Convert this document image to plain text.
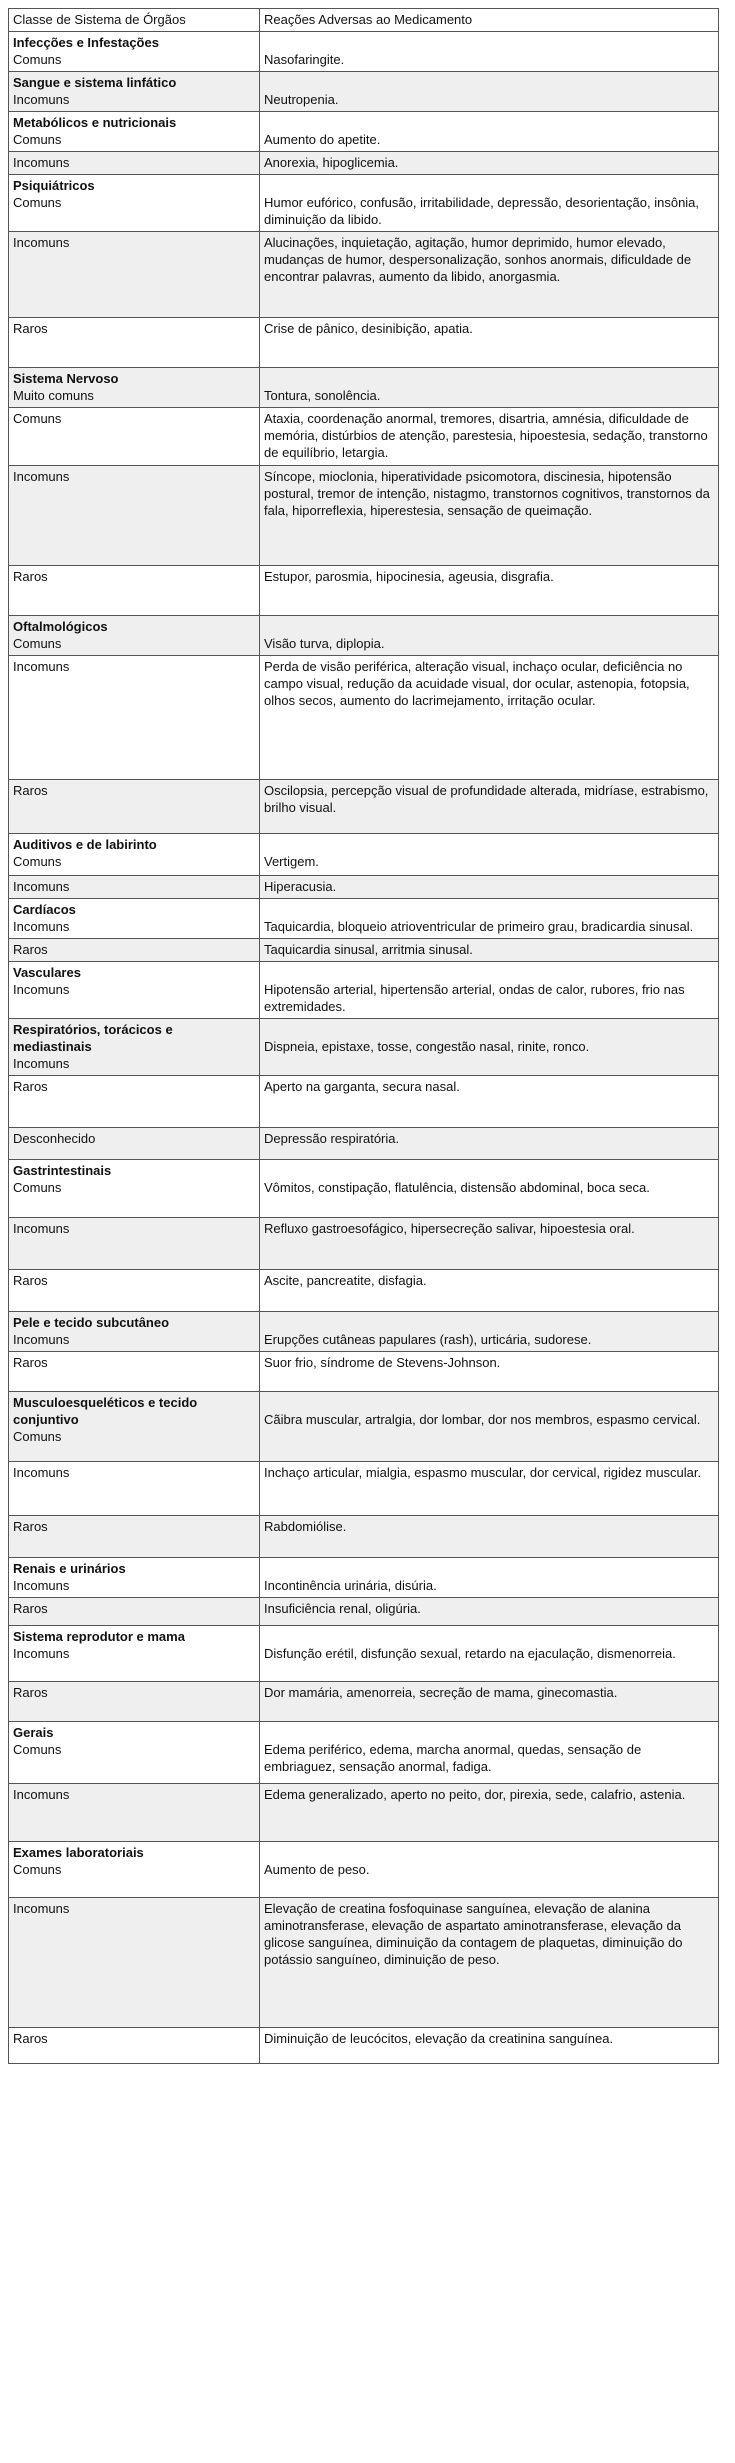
Classe de Sistema de Órgãos	Reações Adversas ao Medicamento

Infecções e Infestações
Comuns	Nasofaringite.

Sangue e sistema linfático
Incomuns	Neutropenia.

Metabólicos e nutricionais
Comuns	Aumento do apetite.

Incomuns	Anorexia, hipoglicemia.

Psiquiátricos
Comuns	Humor eufórico, confusão, irritabilidade, depressão, desorientação, insônia, diminuição da libido.

Incomuns	Alucinações, inquietação, agitação, humor deprimido, humor elevado, mudanças de humor, despersonalização, sonhos anormais, dificuldade de encontrar palavras, aumento da libido, anorgasmia.

Raros	Crise de pânico, desinibição, apatia.

Sistema Nervoso
Muito comuns	Tontura, sonolência.

Comuns	Ataxia, coordenação anormal, tremores, disartria, amnésia, dificuldade de memória, distúrbios de atenção, parestesia, hipoestesia, sedação, transtorno de equilíbrio, letargia.

Incomuns	Síncope, mioclonia, hiperatividade psicomotora, discinesia, hipotensão postural, tremor de intenção, nistagmo, transtornos cognitivos, transtornos da fala, hiporreflexia, hiperestesia, sensação de queimação.

Raros	Estupor, parosmia, hipocinesia, ageusia, disgrafia.

Oftalmológicos
Comuns	Visão turva, diplopia.

Incomuns	Perda de visão periférica, alteração visual, inchaço ocular, deficiência no campo visual, redução da acuidade visual, dor ocular, astenopia, fotopsia, olhos secos, aumento do lacrimejamento, irritação ocular.

Raros	Oscilopsia, percepção visual de profundidade alterada, midríase, estrabismo, brilho visual.

Auditivos e de labirinto
Comuns	Vertigem.

Incomuns	Hiperacusia.

Cardíacos
Incomuns	Taquicardia, bloqueio atrioventricular de primeiro grau, bradicardia sinusal.

Raros	Taquicardia sinusal, arritmia sinusal.

Vasculares
Incomuns	Hipotensão arterial, hipertensão arterial, ondas de calor, rubores, frio nas extremidades.

Respiratórios, torácicos e mediastinais
Incomuns	Dispneia, epistaxe, tosse, congestão nasal, rinite, ronco.

Raros	Aperto na garganta, secura nasal.

Desconhecido	Depressão respiratória.

Gastrintestinais
Comuns	Vômitos, constipação, flatulência, distensão abdominal, boca seca.

Incomuns	Refluxo gastroesofágico, hipersecreção salivar, hipoestesia oral.

Raros	Ascite, pancreatite, disfagia.

Pele e tecido subcutâneo
Incomuns	Erupções cutâneas papulares (rash), urticária, sudorese.

Raros	Suor frio, síndrome de Stevens-Johnson.

Musculoesqueléticos e tecido conjuntivo
Comuns	Cãibra muscular, artralgia, dor lombar, dor nos membros, espasmo cervical.

Incomuns	Inchaço articular, mialgia, espasmo muscular, dor cervical, rigidez muscular.

Raros	Rabdomiólise.

Renais e urinários
Incomuns	Incontinência urinária, disúria.

Raros	Insuficiência renal, oligúria.

Sistema reprodutor e mama
Incomuns	Disfunção erétil, disfunção sexual, retardo na ejaculação, dismenorreia.

Raros	Dor mamária, amenorreia, secreção de mama, ginecomastia.

Gerais
Comuns	Edema periférico, edema, marcha anormal, quedas, sensação de embriaguez, sensação anormal, fadiga.

Incomuns	Edema generalizado, aperto no peito, dor, pirexia, sede, calafrio, astenia.

Exames laboratoriais
Comuns	Aumento de peso.

Incomuns	Elevação de creatina fosfoquinase sanguínea, elevação de alanina aminotransferase, elevação de aspartato aminotransferase, elevação da glicose sanguínea, diminuição da contagem de plaquetas, diminuição do potássio sanguíneo, diminuição de peso.

Raros	Diminuição de leucócitos, elevação da creatinina sanguínea.
